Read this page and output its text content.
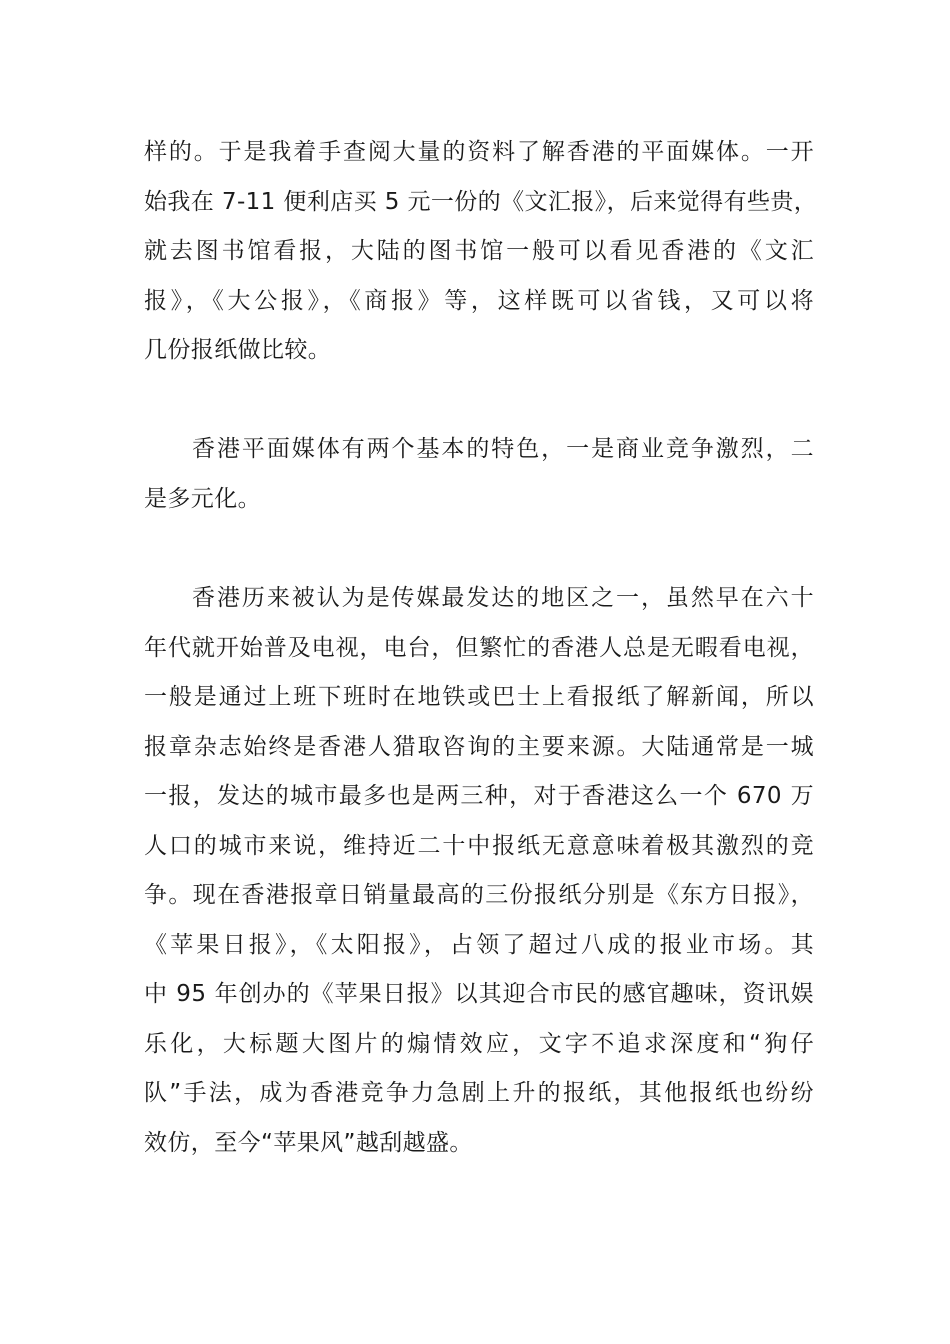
样的。于是我着手查阅大量的资料了解香港的平面媒体。一开
始我在 7-11 便利店买 5 元一份的《文汇报》，后来觉得有些贵，
就去图书馆看报，大陆的图书馆一般可以看见香港的《文汇
报》，《大公报》，《商报》等，这样既可以省钱，又可以将
几份报纸做比较。
香港平面媒体有两个基本的特色，一是商业竞争激烈，二
是多元化。
香港历来被认为是传媒最发达的地区之一，虽然早在六十
年代就开始普及电视，电台，但繁忙的香港人总是无暇看电视，
一般是通过上班下班时在地铁或巴士上看报纸了解新闻，所以
报章杂志始终是香港人猎取咨询的主要来源。大陆通常是一城
一报，发达的城市最多也是两三种，对于香港这么一个 670 万
人口的城市来说，维持近二十中报纸无意意味着极其激烈的竞
争。现在香港报章日销量最高的三份报纸分别是《东方日报》，
《苹果日报》，《太阳报》，占领了超过八成的报业市场。其
中 95 年创办的《苹果日报》以其迎合市民的感官趣味，资讯娱
乐化，大标题大图片的煽情效应，文字不追求深度和“狗仔
队”手法，成为香港竞争力急剧上升的报纸，其他报纸也纷纷
效仿，至今“苹果风”越刮越盛。
